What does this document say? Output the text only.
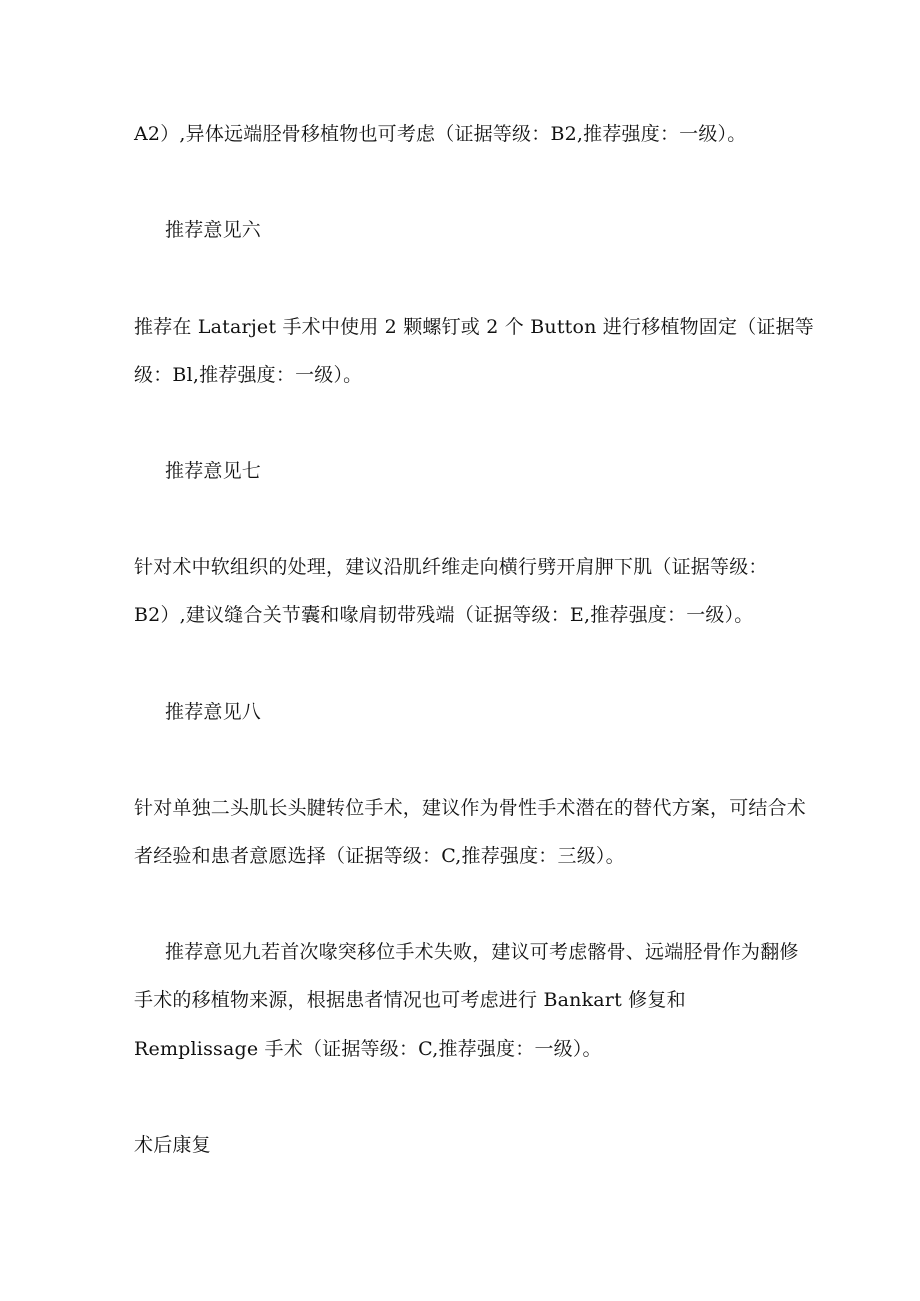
A2）,异体远端胫骨移植物也可考虑（证据等级：B2,推荐强度：一级）。
推荐意见六
推荐在 Latarjet 手术中使用 2 颗螺钉或 2 个 Button 进行移植物固定（证据等
级：Bl,推荐强度：一级）。
推荐意见七
针对术中软组织的处理，建议沿肌纤维走向横行劈开肩胛下肌（证据等级：
B2）,建议缝合关节囊和喙肩韧带残端（证据等级：E,推荐强度：一级）。
推荐意见八
针对单独二头肌长头腱转位手术，建议作为骨性手术潜在的替代方案，可结合术
者经验和患者意愿选择（证据等级：C,推荐强度：三级）。
推荐意见九若首次喙突移位手术失败，建议可考虑髂骨、远端胫骨作为翻修
手术的移植物来源，根据患者情况也可考虑进行 Bankart 修复和
Remplissage 手术（证据等级：C,推荐强度：一级）。
术后康复
